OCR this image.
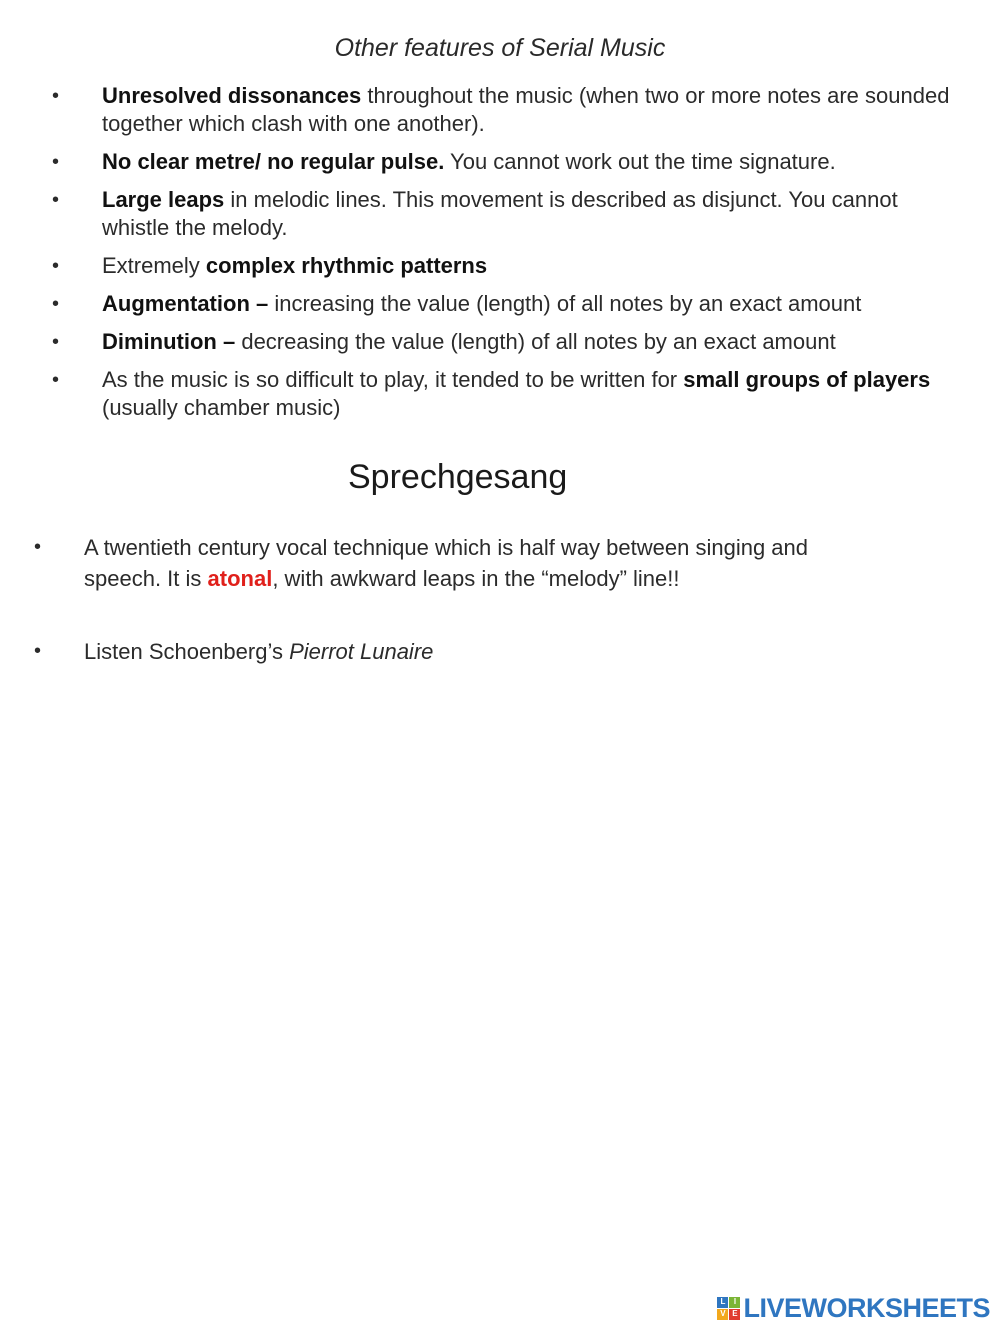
Other features of Serial Music
• Unresolved dissonances throughout the music (when two or more notes are sounded together which clash with one another).
• No clear metre/ no regular pulse. You cannot work out the time signature.
• Large leaps in melodic lines. This movement is described as disjunct. You cannot whistle the melody.
• Extremely complex rhythmic patterns
• Augmentation – increasing the value (length) of all notes by an exact amount
• Diminution – decreasing the value (length) of all notes by an exact amount
• As the music is so difficult to play, it tended to be written for small groups of players (usually chamber music)
Sprechgesang
• A twentieth century vocal technique which is half way between singing and speech. It is atonal, with awkward leaps in the “melody” line!!
• Listen Schoenberg’s Pierrot Lunaire
L	I
V E LIVEWORKSHEETS
